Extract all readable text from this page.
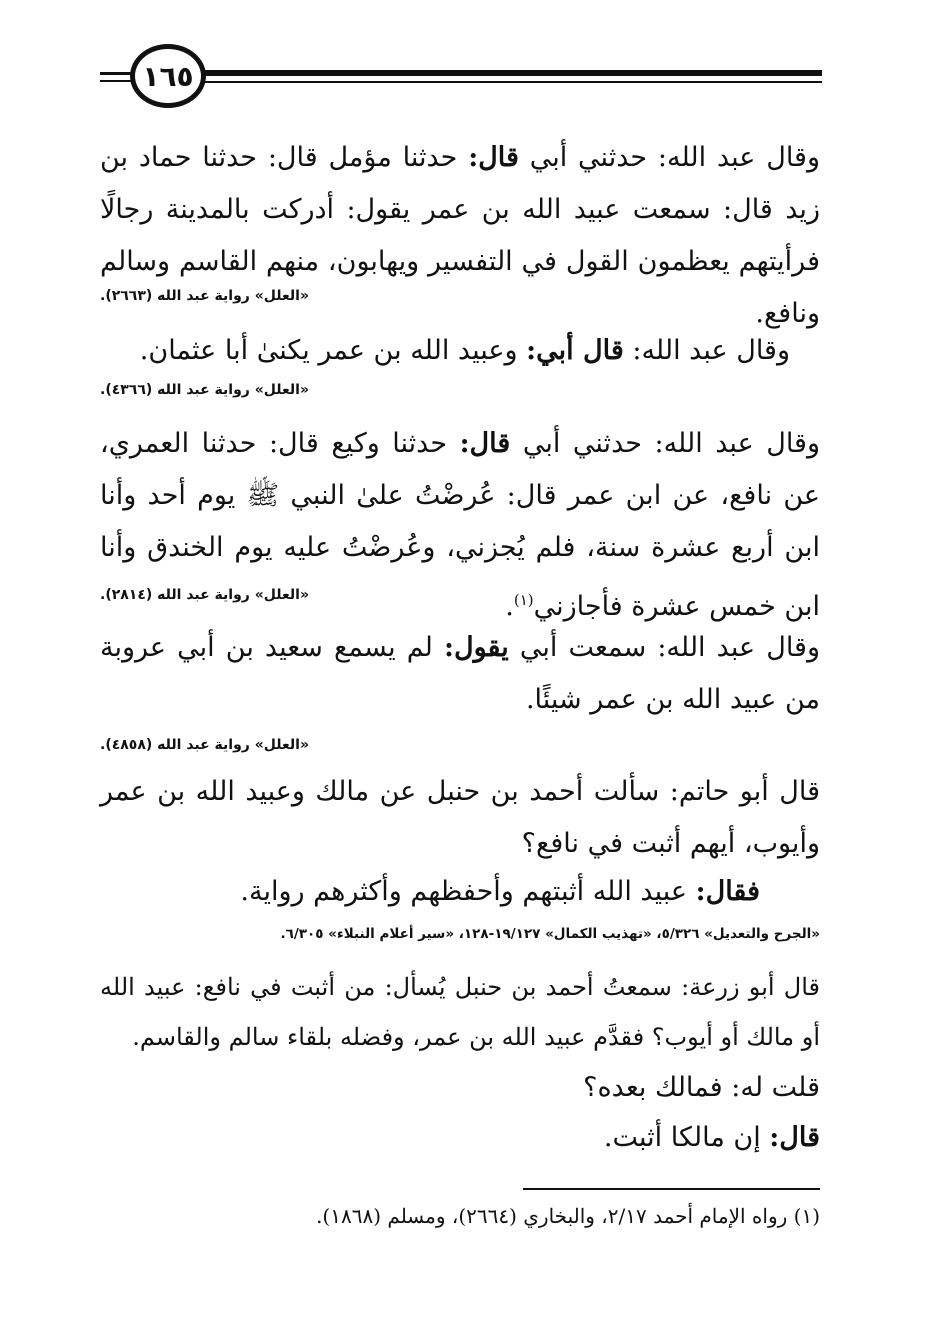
١٦٥
وقال عبد الله: حدثني أبي قال: حدثنا مؤمل قال: حدثنا حماد بن زيد قال: سمعت عبيد الله بن عمر يقول: أدركت بالمدينة رجالًا فرأيتهم يعظمون القول في التفسير ويهابون، منهم القاسم وسالم ونافع.
«العلل» رواية عبد الله (٢٦٦٣).
وقال عبد الله: قال أبي: وعبيد الله بن عمر يكنىٰ أبا عثمان.
«العلل» رواية عبد الله (٤٣٦٦).
وقال عبد الله: حدثني أبي قال: حدثنا وكيع قال: حدثنا العمري، عن نافع، عن ابن عمر قال: عُرضْتُ علىٰ النبي ﷺ يوم أحد وأنا ابن أربع عشرة سنة، فلم يُجزني، وعُرضْتُ عليه يوم الخندق وأنا ابن خمس عشرة فأجازني$^{(١)}$.
«العلل» رواية عبد الله (٢٨١٤).
وقال عبد الله: سمعت أبي يقول: لم يسمع سعيد بن أبي عروبة من عبيد الله بن عمر شيئًا.
«العلل» رواية عبد الله (٤٨٥٨).
قال أبو حاتم: سألت أحمد بن حنبل عن مالك وعبيد الله بن عمر وأيوب، أيهم أثبت في نافع؟
فقال: عبيد الله أثبتهم وأحفظهم وأكثرهم رواية.
«الجرح والتعديل» ٥/٣٢٦، «تهذيب الكمال» ١٩/١٢٧-١٢٨، «سير أعلام النبلاء» ٦/٣٠٥.
قال أبو زرعة: سمعتُ أحمد بن حنبل يُسأل: من أثبت في نافع: عبيد الله أو مالك أو أيوب؟ فقدَّم عبيد الله بن عمر، وفضله بلقاء سالم والقاسم.
قلت له: فمالك بعده؟
قال: إن مالكا أثبت.
(١) رواه الإمام أحمد ٢/١٧، والبخاري (٢٦٦٤)، ومسلم (١٨٦٨).
